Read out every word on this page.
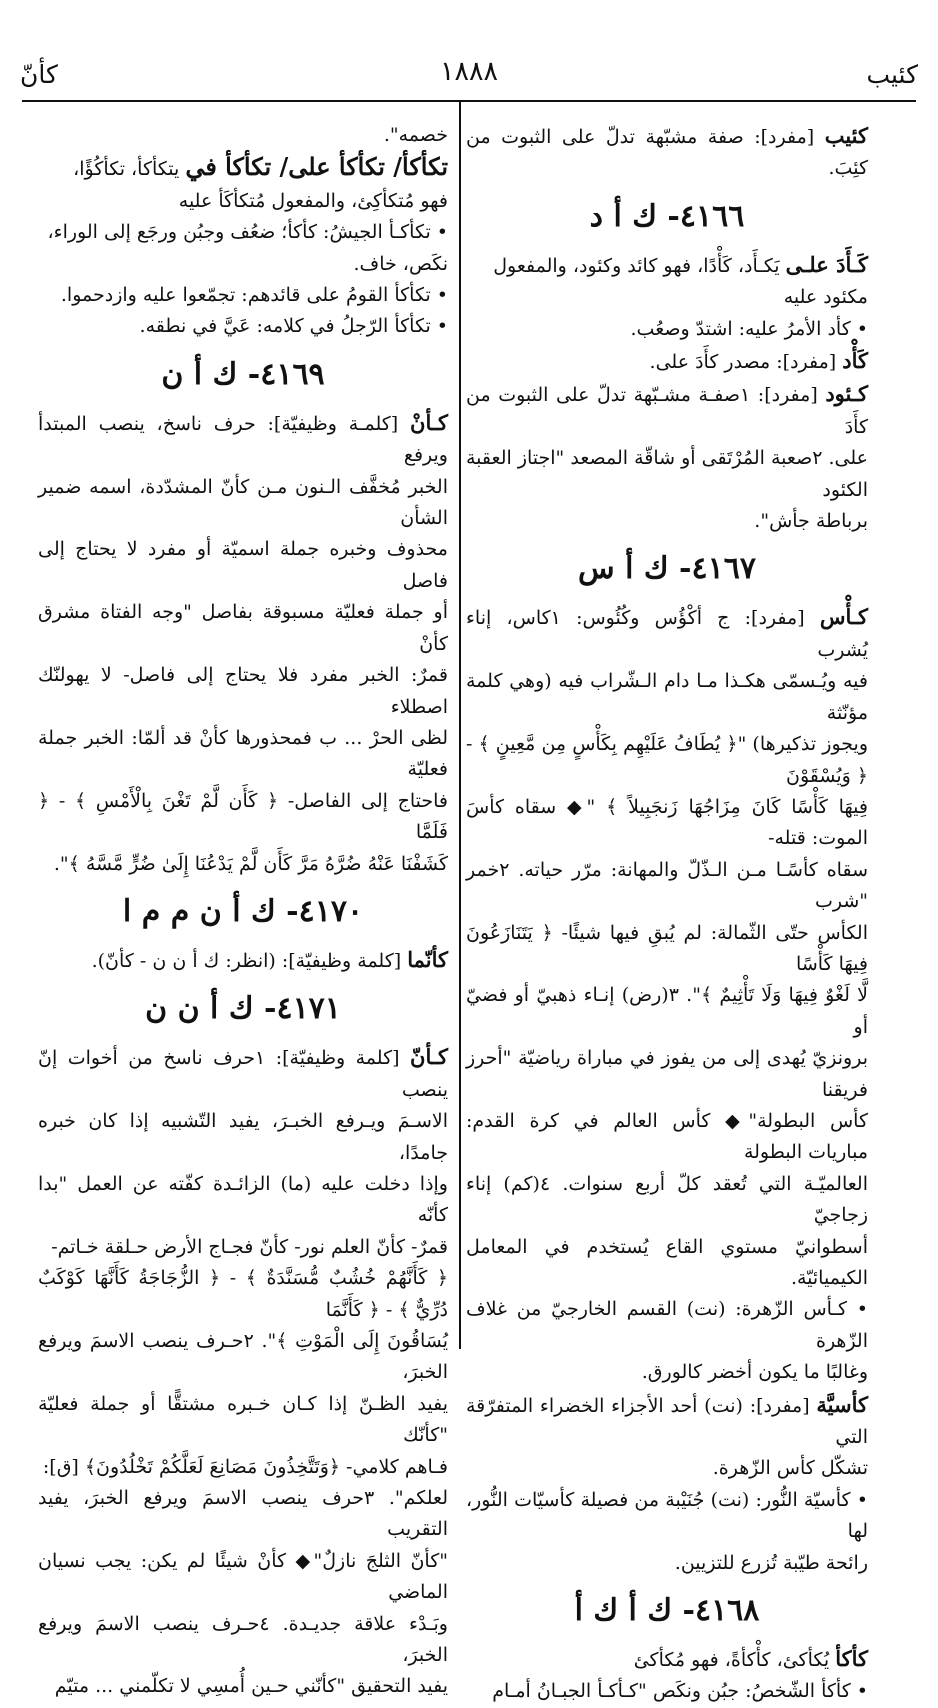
كئيب
١٨٨٨
كأنّ
كئيب [مفرد]: صفة مشبّهة تدلّ على الثبوت من كئِبَ.
٤١٦٦- ك أ د
كَـأَدَ علـى يَكـأَد، كَأْدًا، فهو كائد وكئود، والمفعول
مكئود عليه
• كأد الأمرُ عليه: اشتدّ وصعُب.
كَأْد [مفرد]: مصدر كأَدَ على.
كـئود [مفرد]: ١صفـة مشـبّهة تدلّ على الثبوت من كأَدَ
على. ٢صعبة المُرْتَقى أو شاقّة المصعد "اجتاز العقبة الكئود
برباطة جأش".
٤١٦٧- ك أ س
كـأْس [مفرد]: ج أكْؤُس وكُئُوس: ١كاس، إناء يُشرب
فيه ويُـسمّى هكـذا مـا دام الـشّراب فيه (وهي كلمة مؤنّثة
ويجوز تذكيرها) "﴿ يُطَافُ عَلَيْهِم بِكَأْسٍ مِن مَّعِينٍ ﴾ - ﴿ وَيُسْقَوْنَ
فِيهَا كَأْسًا كَانَ مِزَاجُهَا زَنجَبِيلاً ﴾ "◆ سقاه كأسَ الموت: قتله-
سقاه كأسًـا مـن الـذّلّ والمهانة: مرّر حياته. ٢خمر "شرب
الكأس حتّى الثّمالة: لم يُبقِ فيها شيئًا- ﴿ يَتَنَازَعُونَ فِيهَا كَأْسًا
لَّا لَغْوٌ فِيهَا وَلَا تَأْثِيمٌ ﴾". ٣(رض) إنـاء ذهبيّ أو فضيّ أو
برونزيّ يُهدى إلى من يفوز في مباراة رياضيّة "أحرز فريقنا
كأس البطولة"◆ كأس العالم في كرة القدم: مباريات البطولة
العالميّـة التي تُعقد كلّ أربع سنوات. ٤(كم) إناء زجاجيّ
أسطوانيّ مستوي القاع يُستخدم في المعامل الكيميائيّة.
• كـأس الزّهرة: (نت) القسم الخارجيّ من غلاف الزّهرة
وغالبًا ما يكون أخضر كالورق.
كأسيَّة [مفرد]: (نت) أحد الأجزاء الخضراء المتفرّقة التي
تشكّل كأس الزّهرة.
• كأسيّة النُّور: (نت) جُنَيْبة من فصيلة كأسيّات النُّور، لها
رائحة طيّبة تُزرع للتزيين.
٤١٦٨- ك أ ك أ
كأكأ يُكأكئ، كأْكأةً، فهو مُكأكئ
• كأكأ الشّخصُ: جبُن ونكَص "كـأكـأ الجبـانُ أمـام
خصمه".
تكأكأ/ تكأكأ على/ تكأكأ في يتكأكأ، تكأكُؤًا،
فهو مُتكأكِئ، والمفعول مُتكأكَأ عليه
• تكأكـأ الجيشُ: كأكأ؛ ضعُف وجبُن ورجَع إلى الوراء،
نكَص، خاف.
• تكأكأ القومُ على قائدهم: تجمّعوا عليه وازدحموا.
• تكأكأ الرّجلُ في كلامه: عَيَّ في نطقه.
٤١٦٩- ك أ ن
كـأنْ [كلمـة وظيفيّة]: حرف ناسخ، ينصب المبتدأ ويرفع
الخبر مُخفَّف الـنون مـن كأنّ المشدّدة، اسمه ضمير الشأن
محذوف وخبره جملة اسميّة أو مفرد لا يحتاج إلى فاصل
أو جملة فعليّة مسبوقة بفاصل "وجه الفتاة مشرق كأنْ
قمرٌ: الخبر مفرد فلا يحتاج إلى فاصل- لا يهولنّك اصطلاء
لظى الحرْ ... ب فمحذورها كأنْ قد ألمّا: الخبر جملة فعليّة
فاحتاج إلى الفاصل- ﴿ كَأَن لَّمْ تَغْنَ بِالْأَمْسِ ﴾ - ﴿ فَلَمَّا
كَشَفْنَا عَنْهُ ضُرَّهُ مَرَّ كَأَن لَّمْ يَدْعُنَا إِلَىٰ ضُرٍّ مَّسَّهُ ﴾".
٤١٧٠- ك أ ن م م ا
كأنّما [كلمة وظيفيّة]: (انظر: ك أ ن ن - كأنّ).
٤١٧١- ك أ ن ن
كـأنّ [كلمة وظيفيّة]: ١حرف ناسخ من أخوات إنّ ينصب
الاسـمَ ويـرفع الخبـرَ، يفيد التّشبيه إذا كان خبره جامدًا،
وإذا دخلت عليه (ما) الزائـدة كفّته عن العمل "بدا كأنّه
قمرٌ- كأنّ العلم نور- كأنّ فجـاج الأرض حـلقة خـاتم-
﴿ كَأَنَّهُمْ خُشُبٌ مُّسَنَّدَةٌ ﴾ - ﴿ الزُّجَاجَةُ كَأَنَّهَا كَوْكَبٌ دُرِّيٌّ ﴾ - ﴿ كَأَنَّمَا
يُسَاقُونَ إِلَى الْمَوْتِ ﴾". ٢حـرف ينصب الاسمَ ويرفع الخبرَ،
يفيد الظـنّ إذا كـان خـبره مشتقًّا أو جملة فعليّة "كأنّك
فـاهم كلامي- ﴿وَتَتَّخِذُونَ مَصَانِعَ لَعَلَّكُمْ تَخْلُدُونَ﴾ [ق]:
لعلكم". ٣حرف ينصب الاسمَ ويرفع الخبرَ، يفيد التقريب
"كأنّ الثلجَ نازلٌ"◆ كأنْ شيئًا لم يكن: يجب نسيان الماضي
وبَـدْء علاقة جديـدة. ٤حـرف ينصب الاسمَ ويرفع الخبرَ،
يفيد التحقيق "كأنّني حـين أُمسِي لا تكلّمني ... متيّم
